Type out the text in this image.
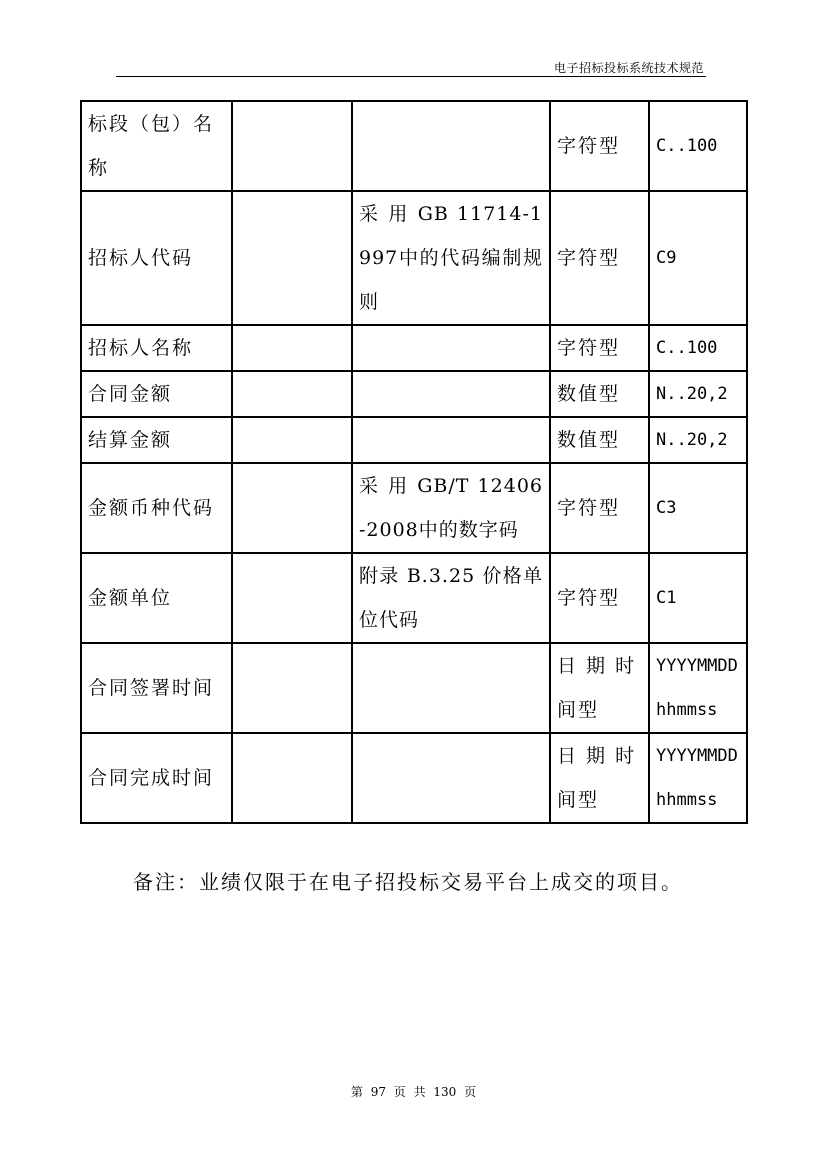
电子招标投标系统技术规范
标段（包）名称			字符型	C..100
招标人代码		采 用 GB 11714-1997中的代码编制规则	字符型	C9
招标人名称			字符型	C..100
合同金额			数值型	N..20,2
结算金额			数值型	N..20,2
金额币种代码		采 用 GB/T 12406-2008中的数字码	字符型	C3
金额单位		附录 B.3.25 价格单位代码	字符型	C1
合同签署时间			日 期 时 间型	YYYYMMDDhhmmss
合同完成时间			日 期 时 间型	YYYYMMDDhhmmss
备注：业绩仅限于在电子招投标交易平台上成交的项目。
第 97 页 共 130 页
